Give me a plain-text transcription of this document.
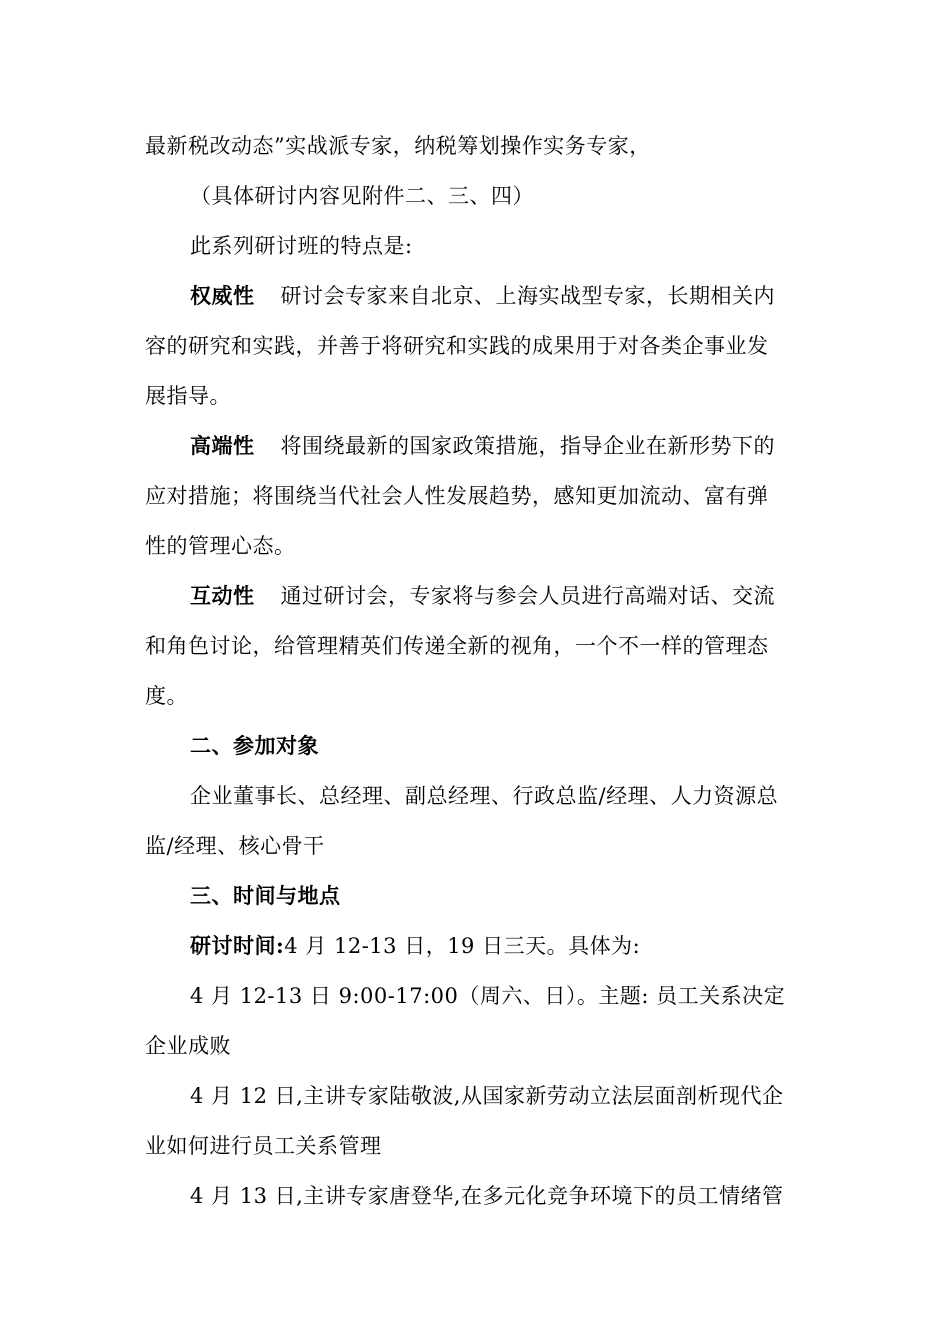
最新税改动态”实战派专家，纳税筹划操作实务专家，
（具体研讨内容见附件二、三、四）
此系列研讨班的特点是:
权威性 研讨会专家来自北京、上海实战型专家，长期相关内
容的研究和实践，并善于将研究和实践的成果用于对各类企事业发
展指导。
高端性 将围绕最新的国家政策措施，指导企业在新形势下的
应对措施；将围绕当代社会人性发展趋势，感知更加流动、富有弹
性的管理心态。
互动性 通过研讨会，专家将与参会人员进行高端对话、交流
和角色讨论，给管理精英们传递全新的视角，一个不一样的管理态
度。
二、参加对象
企业董事长、总经理、副总经理、行政总监/经理、人力资源总
监/经理、核心骨干
三、时间与地点
研讨时间:4 月 12-13 日，19 日三天。具体为:
4 月 12-13 日 9:00-17:00（周六、日）。主题: 员工关系决定
企业成败
4 月 12 日,主讲专家陆敬波,从国家新劳动立法层面剖析现代企
业如何进行员工关系管理
4 月 13 日,主讲专家唐登华,在多元化竞争环境下的员工情绪管
